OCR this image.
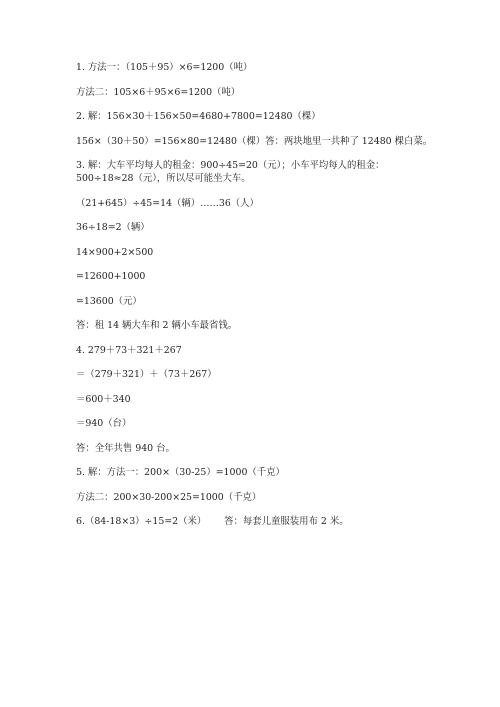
1. 方法一：（105＋95）×6=1200（吨）
方法二：105×6＋95×6=1200（吨）
2. 解：156×30＋156×50=4680+7800=12480（棵）
156×（30＋50）=156×80=12480（棵）答：两块地里一共种了 12480 棵白菜。
3. 解：大车平均每人的租金：900÷45=20（元）；小车平均每人的租金：
500÷18≈28（元），所以尽可能坐大车。
（21+645）÷45=14（辆）……36（人）
36÷18=2（辆）
14×900+2×500
=12600+1000
=13600（元）
答：租 14 辆大车和 2 辆小车最省钱。
4. 279＋73＋321＋267
＝（279＋321）＋（73＋267）
＝600＋340
＝940（台）
答：全年共售 940 台。
5. 解：方法一：200×（30-25）=1000（千克）
方法二：200×30-200×25=1000（千克）
6.（84-18×3）÷15=2（米）      答：每套儿童服装用布 2 米。
